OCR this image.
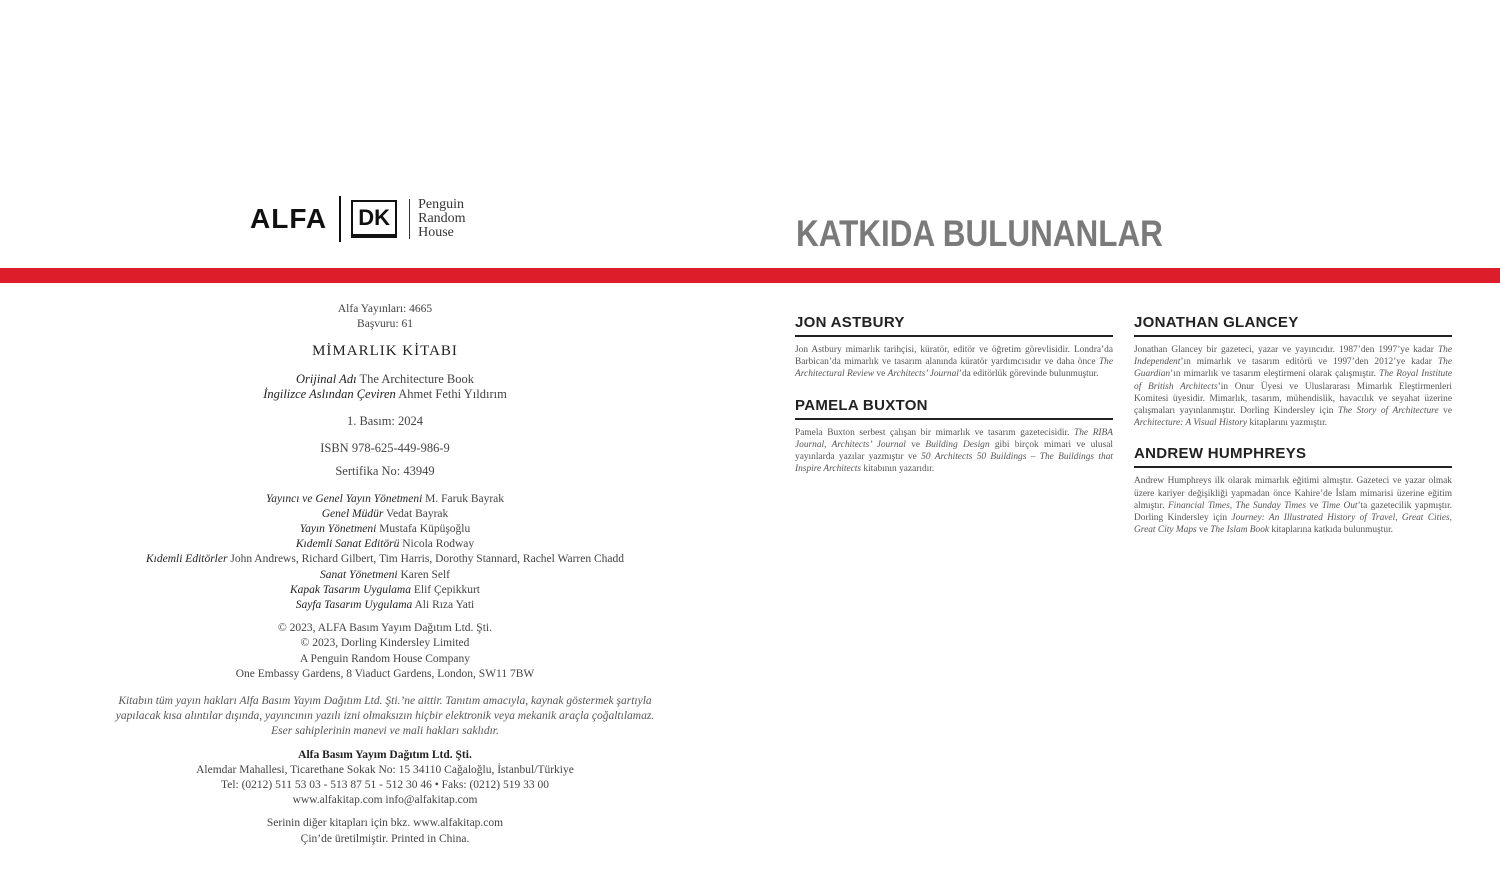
ALFA	DK
Penguin
Random
House	KATKIDA BULUNANLAR

Alfa Yayınları: 4665

Başvuru: 61

MİMARLIK KİTABI

Orijinal Adı The Architecture Book

İngilizce Aslından Çeviren Ahmet Fethi Yıldırım

1. Basım: 2024

ISBN 978-625-449-986-9

Sertifika No: 43949

Yayıncı ve Genel Yayın Yönetmeni M. Faruk Bayrak

Genel Müdür Vedat Bayrak

Yayın Yönetmeni Mustafa Küpüşoğlu

Kıdemli Sanat Editörü Nicola Rodway

Kıdemli Editörler John Andrews, Richard Gilbert, Tim Harris, Dorothy Stannard, Rachel Warren Chadd

Sanat Yönetmeni Karen Self

Kapak Tasarım Uygulama Elif Çepikkurt

Sayfa Tasarım Uygulama Ali Rıza Yati

© 2023, ALFA Basım Yayım Dağıtım Ltd. Şti.

© 2023, Dorling Kindersley Limited

A Penguin Random House Company

One Embassy Gardens, 8 Viaduct Gardens, London, SW11 7BW

Kitabın tüm yayın hakları Alfa Basım Yayım Dağıtım Ltd. Şti.’ne aittir. Tanıtım amacıyla, kaynak göstermek şartıyla

yapılacak kısa alıntılar dışında, yayıncının yazılı izni olmaksızın hiçbir elektronik veya mekanik araçla çoğaltılamaz.

Eser sahiplerinin manevi ve mali hakları saklıdır.

Alfa Basım Yayım Dağıtım Ltd. Şti.

Alemdar Mahallesi, Ticarethane Sokak No: 15 34110 Cağaloğlu, İstanbul/Türkiye

Tel: (0212) 511 53 03 - 513 87 51 - 512 30 46 • Faks: (0212) 519 33 00

www.alfakitap.com info@alfakitap.com

Serinin diğer kitapları için bkz. www.alfakitap.com

Çin’de üretilmiştir. Printed in China.

JON ASTBURY

Jon Astbury mimarlık tarihçisi, küratör, editör ve öğretim görevlisidir. Londra’da Barbican’da mimarlık ve tasarım alanında küratör yardımcısıdır ve daha önce The Architectural Review ve Architects’ Journal’da editörlük görevinde bulunmuştur.

PAMELA BUXTON

Pamela Buxton serbest çalışan bir mimarlık ve tasarım gazetecisidir. The RIBA Journal, Architects’ Journal ve Building Design gibi birçok mimari ve ulusal yayınlarda yazılar yazmıştır ve 50 Architects 50 Buildings – The Buildings that Inspire Architects kitabının yazarıdır.

JONATHAN GLANCEY

Jonathan Glancey bir gazeteci, yazar ve yayıncıdır. 1987’den 1997’ye kadar The Independent’ın mimarlık ve tasarım editörü ve 1997’den 2012’ye kadar The Guardian’ın mimarlık ve tasarım eleştirmeni olarak çalışmıştır. The Royal Institute of British Architects’in Onur Üyesi ve Uluslararası Mimarlık Eleştirmenleri Komitesi üyesidir. Mimarlık, tasarım, mühendislik, havacılık ve seyahat üzerine çalışmaları yayınlanmıştır. Dorling Kindersley için The Story of Architecture ve Architecture: A Visual History kitaplarını yazmıştır.

ANDREW HUMPHREYS

Andrew Humphreys ilk olarak mimarlık eğitimi almıştır. Gazeteci ve yazar olmak üzere kariyer değişikliği yapmadan önce Kahire’de İslam mimarisi üzerine eğitim almıştır. Financial Times, The Sunday Times ve Time Out’ta gazetecilik yapmıştır. Dorling Kindersley için Journey: An Illustrated History of Travel, Great Cities, Great City Maps ve The Islam Book kitaplarına katkıda bulunmuştur.
